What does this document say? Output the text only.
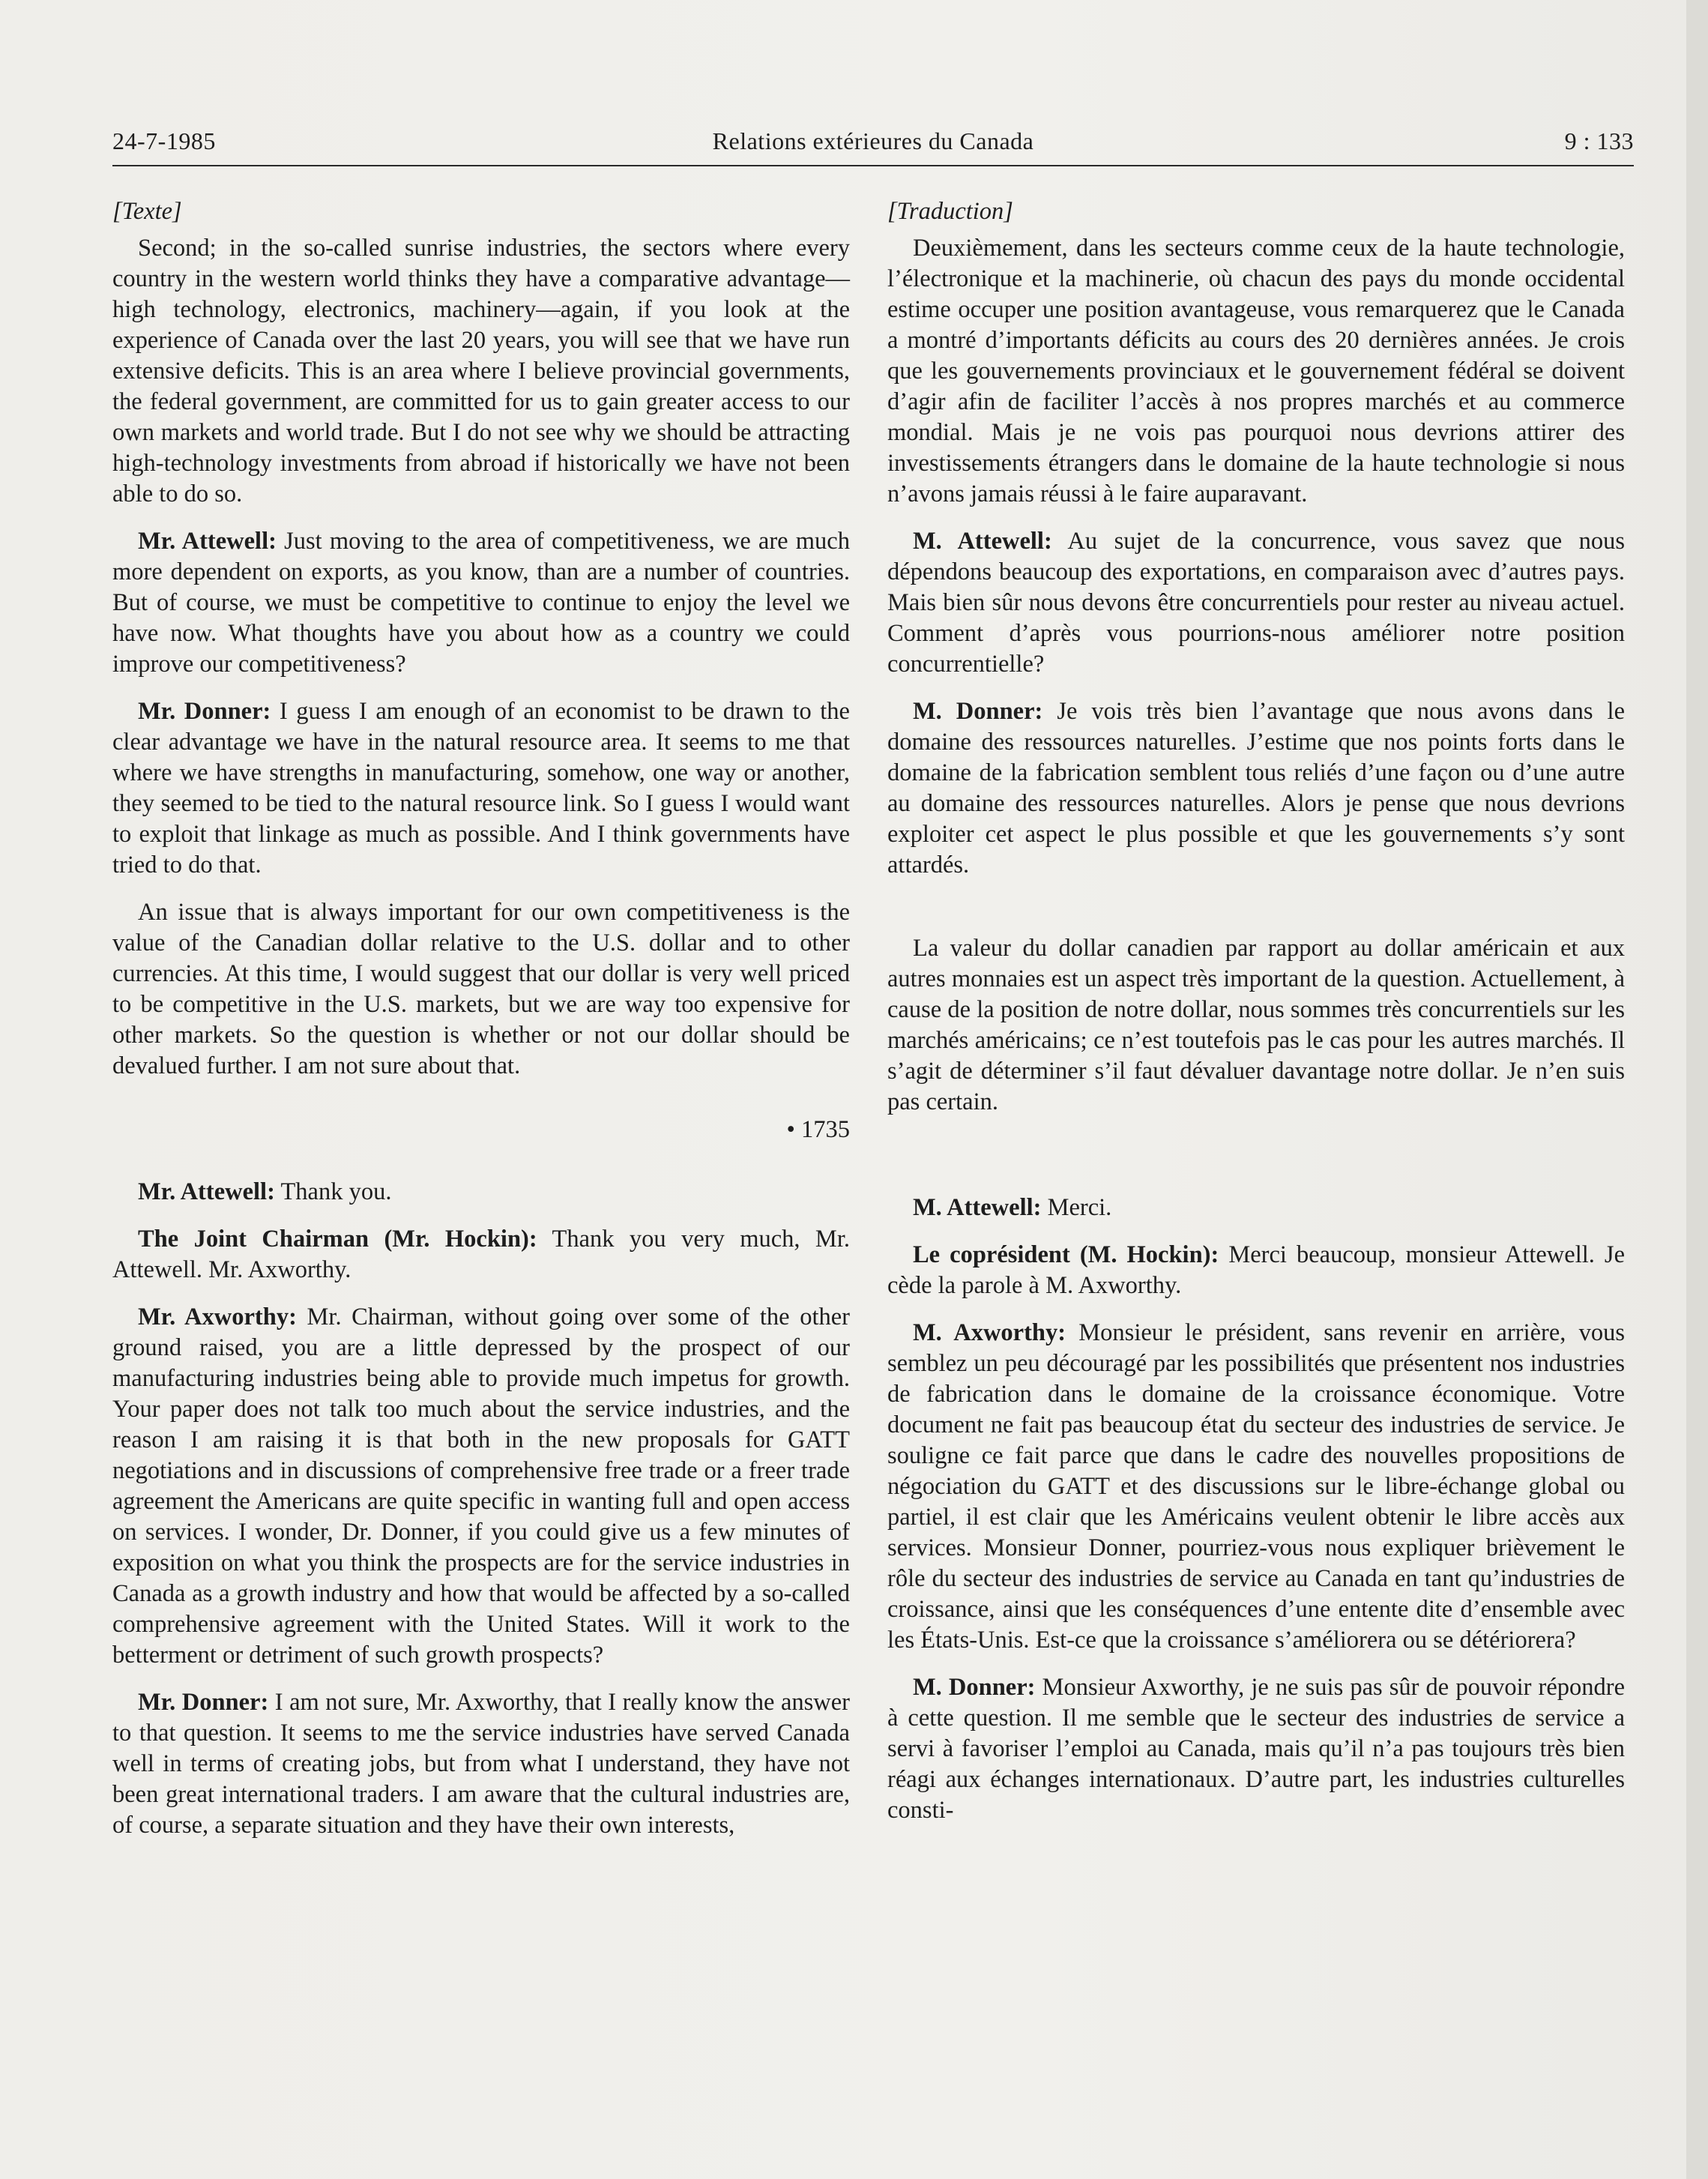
24-7-1985	Relations extérieures du Canada	9 : 133

[Texte]

Second; in the so-called sunrise industries, the sectors where every country in the western world thinks they have a comparative advantage—high technology, electronics, machinery—again, if you look at the experience of Canada over the last 20 years, you will see that we have run extensive deficits. This is an area where I believe provincial governments, the federal government, are committed for us to gain greater access to our own markets and world trade. But I do not see why we should be attracting high-technology investments from abroad if historically we have not been able to do so.

Mr. Attewell: Just moving to the area of competitiveness, we are much more dependent on exports, as you know, than are a number of countries. But of course, we must be competitive to continue to enjoy the level we have now. What thoughts have you about how as a country we could improve our competitiveness?

Mr. Donner: I guess I am enough of an economist to be drawn to the clear advantage we have in the natural resource area. It seems to me that where we have strengths in manufacturing, somehow, one way or another, they seemed to be tied to the natural resource link. So I guess I would want to exploit that linkage as much as possible. And I think governments have tried to do that.

An issue that is always important for our own competitiveness is the value of the Canadian dollar relative to the U.S. dollar and to other currencies. At this time, I would suggest that our dollar is very well priced to be competitive in the U.S. markets, but we are way too expensive for other markets. So the question is whether or not our dollar should be devalued further. I am not sure about that.

• 1735

Mr. Attewell: Thank you.

The Joint Chairman (Mr. Hockin): Thank you very much, Mr. Attewell. Mr. Axworthy.

Mr. Axworthy: Mr. Chairman, without going over some of the other ground raised, you are a little depressed by the prospect of our manufacturing industries being able to provide much impetus for growth. Your paper does not talk too much about the service industries, and the reason I am raising it is that both in the new proposals for GATT negotiations and in discussions of comprehensive free trade or a freer trade agreement the Americans are quite specific in wanting full and open access on services. I wonder, Dr. Donner, if you could give us a few minutes of exposition on what you think the prospects are for the service industries in Canada as a growth industry and how that would be affected by a so-called comprehensive agreement with the United States. Will it work to the betterment or detriment of such growth prospects?

Mr. Donner: I am not sure, Mr. Axworthy, that I really know the answer to that question. It seems to me the service industries have served Canada well in terms of creating jobs, but from what I understand, they have not been great international traders. I am aware that the cultural industries are, of course, a separate situation and they have their own interests,

[Traduction]

Deuxièmement, dans les secteurs comme ceux de la haute technologie, l’électronique et la machinerie, où chacun des pays du monde occidental estime occuper une position avantageuse, vous remarquerez que le Canada a montré d’importants déficits au cours des 20 dernières années. Je crois que les gouvernements provinciaux et le gouvernement fédéral se doivent d’agir afin de faciliter l’accès à nos propres marchés et au commerce mondial. Mais je ne vois pas pourquoi nous devrions attirer des investissements étrangers dans le domaine de la haute technologie si nous n’avons jamais réussi à le faire auparavant.

M. Attewell: Au sujet de la concurrence, vous savez que nous dépendons beaucoup des exportations, en comparaison avec d’autres pays. Mais bien sûr nous devons être concurrentiels pour rester au niveau actuel. Comment d’après vous pourrions-nous améliorer notre position concurrentielle?

M. Donner: Je vois très bien l’avantage que nous avons dans le domaine des ressources naturelles. J’estime que nos points forts dans le domaine de la fabrication semblent tous reliés d’une façon ou d’une autre au domaine des ressources naturelles. Alors je pense que nous devrions exploiter cet aspect le plus possible et que les gouvernements s’y sont attardés.

La valeur du dollar canadien par rapport au dollar américain et aux autres monnaies est un aspect très important de la question. Actuellement, à cause de la position de notre dollar, nous sommes très concurrentiels sur les marchés américains; ce n’est toutefois pas le cas pour les autres marchés. Il s’agit de déterminer s’il faut dévaluer davantage notre dollar. Je n’en suis pas certain.

M. Attewell: Merci.

Le coprésident (M. Hockin): Merci beaucoup, monsieur Attewell. Je cède la parole à M. Axworthy.

M. Axworthy: Monsieur le président, sans revenir en arrière, vous semblez un peu découragé par les possibilités que présentent nos industries de fabrication dans le domaine de la croissance économique. Votre document ne fait pas beaucoup état du secteur des industries de service. Je souligne ce fait parce que dans le cadre des nouvelles propositions de négociation du GATT et des discussions sur le libre-échange global ou partiel, il est clair que les Américains veulent obtenir le libre accès aux services. Monsieur Donner, pourriez-vous nous expliquer brièvement le rôle du secteur des industries de service au Canada en tant qu’industries de croissance, ainsi que les conséquences d’une entente dite d’ensemble avec les États-Unis. Est-ce que la croissance s’améliorera ou se détériorera?

M. Donner: Monsieur Axworthy, je ne suis pas sûr de pouvoir répondre à cette question. Il me semble que le secteur des industries de service a servi à favoriser l’emploi au Canada, mais qu’il n’a pas toujours très bien réagi aux échanges internationaux. D’autre part, les industries culturelles consti-
